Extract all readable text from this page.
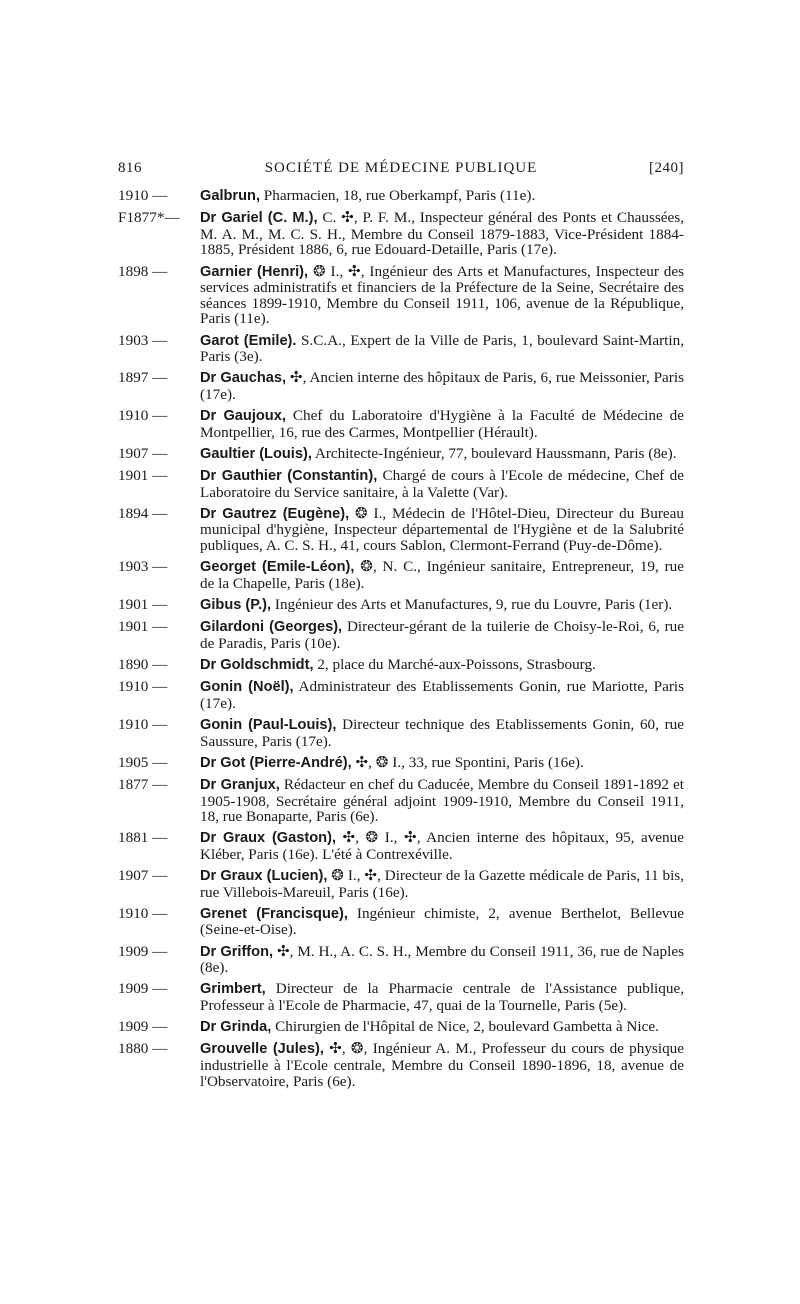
816	SOCIÉTÉ DE MÉDECINE PUBLIQUE	[240]
1910 —	Galbrun, Pharmacien, 18, rue Oberkampf, Paris (11e).
F1877*—	Dr Gariel (C. M.), C. ✣, P. F. M., Inspecteur général des Ponts et Chaussées, M. A. M., M. C. S. H., Membre du Conseil 1879-1883, Vice-Président 1884-1885, Président 1886, 6, rue Edouard-Detaille, Paris (17e).
1898 —	Garnier (Henri), ❂ I., ✣, Ingénieur des Arts et Manufactures, Inspecteur des services administratifs et financiers de la Préfecture de la Seine, Secrétaire des séances 1899-1910, Membre du Conseil 1911, 106, avenue de la République, Paris (11e).
1903 —	Garot (Emile). S.C.A., Expert de la Ville de Paris, 1, boulevard Saint-Martin, Paris (3e).
1897 —	Dr Gauchas, ✣, Ancien interne des hôpitaux de Paris, 6, rue Meissonier, Paris (17e).
1910 —	Dr Gaujoux, Chef du Laboratoire d'Hygiène à la Faculté de Médecine de Montpellier, 16, rue des Carmes, Montpellier (Hérault).
1907 —	Gaultier (Louis), Architecte-Ingénieur, 77, boulevard Haussmann, Paris (8e).
1901 —	Dr Gauthier (Constantin), Chargé de cours à l'Ecole de médecine, Chef de Laboratoire du Service sanitaire, à la Valette (Var).
1894 —	Dr Gautrez (Eugène), ❂ I., Médecin de l'Hôtel-Dieu, Directeur du Bureau municipal d'hygiène, Inspecteur départemental de l'Hygiène et de la Salubrité publiques, A. C. S. H., 41, cours Sablon, Clermont-Ferrand (Puy-de-Dôme).
1903 —	Georget (Emile-Léon), ❂, N. C., Ingénieur sanitaire, Entrepreneur, 19, rue de la Chapelle, Paris (18e).
1901 —	Gibus (P.), Ingénieur des Arts et Manufactures, 9, rue du Louvre, Paris (1er).
1901 —	Gilardoni (Georges), Directeur-gérant de la tuilerie de Choisy-le-Roi, 6, rue de Paradis, Paris (10e).
1890 —	Dr Goldschmidt, 2, place du Marché-aux-Poissons, Strasbourg.
1910 —	Gonin (Noël), Administrateur des Etablissements Gonin, rue Mariotte, Paris (17e).
1910 —	Gonin (Paul-Louis), Directeur technique des Etablissements Gonin, 60, rue Saussure, Paris (17e).
1905 —	Dr Got (Pierre-André), ✣, ❂ I., 33, rue Spontini, Paris (16e).
1877 —	Dr Granjux, Rédacteur en chef du Caducée, Membre du Conseil 1891-1892 et 1905-1908, Secrétaire général adjoint 1909-1910, Membre du Conseil 1911, 18, rue Bonaparte, Paris (6e).
1881 —	Dr Graux (Gaston), ✣, ❂ I., ✣, Ancien interne des hôpitaux, 95, avenue Kléber, Paris (16e). L'été à Contrexéville.
1907 —	Dr Graux (Lucien), ❂ I., ✣, Directeur de la Gazette médicale de Paris, 11 bis, rue Villebois-Mareuil, Paris (16e).
1910 —	Grenet (Francisque), Ingénieur chimiste, 2, avenue Berthelot, Bellevue (Seine-et-Oise).
1909 —	Dr Griffon, ✣, M. H., A. C. S. H., Membre du Conseil 1911, 36, rue de Naples (8e).
1909 —	Grimbert, Directeur de la Pharmacie centrale de l'Assistance publique, Professeur à l'Ecole de Pharmacie, 47, quai de la Tournelle, Paris (5e).
1909 —	Dr Grinda, Chirurgien de l'Hôpital de Nice, 2, boulevard Gambetta à Nice.
1880 —	Grouvelle (Jules), ✣, ❂, Ingénieur A. M., Professeur du cours de physique industrielle à l'Ecole centrale, Membre du Conseil 1890-1896, 18, avenue de l'Observatoire, Paris (6e).
